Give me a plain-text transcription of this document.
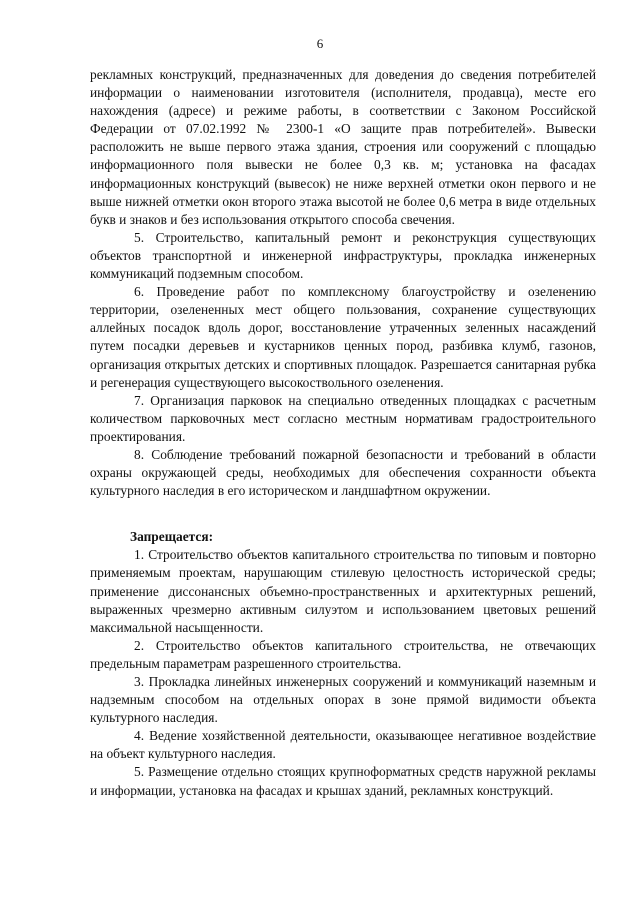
6

рекламных конструкций, предназначенных для доведения до сведения потребителей информации о наименовании изготовителя (исполнителя, продавца), месте его нахождения (адресе) и режиме работы, в соответствии с Законом Российской Федерации от 07.02.1992 № 2300-1 «О защите прав потребителей». Вывески расположить не выше первого этажа здания, строения или сооружений с площадью информационного поля вывески не более 0,3 кв. м; установка на фасадах информационных конструкций (вывесок) не ниже верхней отметки окон первого и не выше нижней отметки окон второго этажа высотой не более 0,6 метра в виде отдельных букв и знаков и без использования открытого способа свечения.

5. Строительство, капитальный ремонт и реконструкция существующих объектов транспортной и инженерной инфраструктуры, прокладка инженерных коммуникаций подземным способом.

6. Проведение работ по комплексному благоустройству и озеленению территории, озелененных мест общего пользования, сохранение существующих аллейных посадок вдоль дорог, восстановление утраченных зеленных насаждений путем посадки деревьев и кустарников ценных пород, разбивка клумб, газонов, организация открытых детских и спортивных площадок. Разрешается санитарная рубка и регенерация существующего высокоствольного озеленения.

7. Организация парковок на специально отведенных площадках с расчетным количеством парковочных мест согласно местным нормативам градостроительного проектирования.

8. Соблюдение требований пожарной безопасности и требований в области охраны окружающей среды, необходимых для обеспечения сохранности объекта культурного наследия в его историческом и ландшафтном окружении.

Запрещается:

1. Строительство объектов капитального строительства по типовым и повторно применяемым проектам, нарушающим стилевую целостность исторической среды; применение диссонансных объемно-пространственных и архитектурных решений, выраженных чрезмерно активным силуэтом и использованием цветовых решений максимальной насыщенности.

2. Строительство объектов капитального строительства, не отвечающих предельным параметрам разрешенного строительства.

3. Прокладка линейных инженерных сооружений и коммуникаций наземным и надземным способом на отдельных опорах в зоне прямой видимости объекта культурного наследия.

4. Ведение хозяйственной деятельности, оказывающее негативное воздействие на объект культурного наследия.

5. Размещение отдельно стоящих крупноформатных средств наружной рекламы и информации, установка на фасадах и крышах зданий, рекламных конструкций.
